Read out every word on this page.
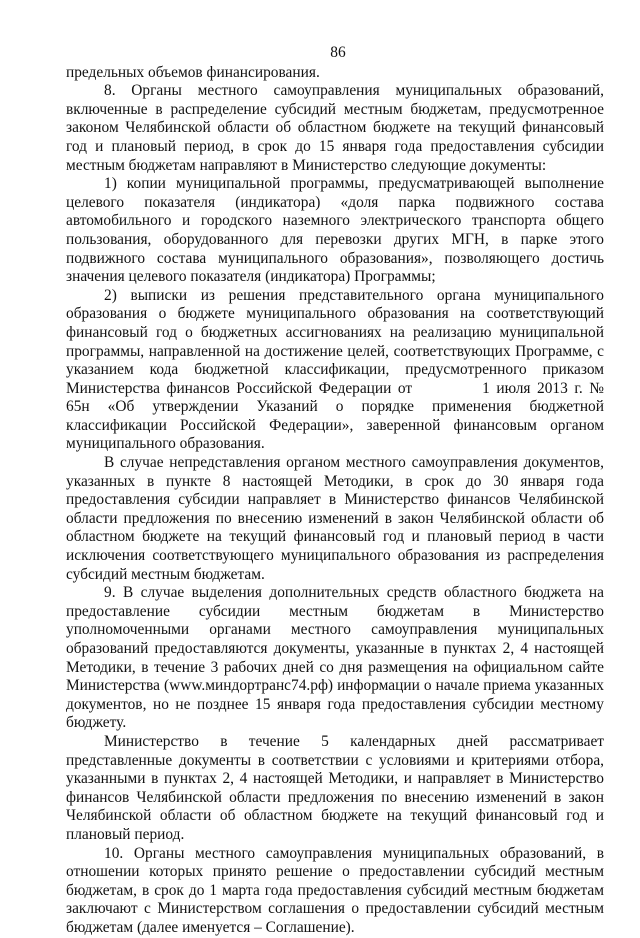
86

предельных объемов финансирования.

8. Органы местного самоуправления муниципальных образований, включенные в распределение субсидий местным бюджетам, предусмотренное законом Челябинской области об областном бюджете на текущий финансовый год и плановый период, в срок до 15 января года предоставления субсидии местным бюджетам направляют в Министерство следующие документы:

1) копии муниципальной программы, предусматривающей выполнение целевого показателя (индикатора) «доля парка подвижного состава автомобильного и городского наземного электрического транспорта общего пользования, оборудованного для перевозки других МГН, в парке этого подвижного состава муниципального образования», позволяющего достичь значения целевого показателя (индикатора) Программы;

2) выписки из решения представительного органа муниципального образования о бюджете муниципального образования на соответствующий финансовый год о бюджетных ассигнованиях на реализацию муниципальной программы, направленной на достижение целей, соответствующих Программе, с указанием кода бюджетной классификации, предусмотренного приказом Министерства финансов Российской Федерации от	1 июля 2013 г. № 65н «Об утверждении Указаний о порядке применения бюджетной классификации Российской Федерации», заверенной финансовым органом муниципального образования.

В случае непредставления органом местного самоуправления документов, указанных в пункте 8 настоящей Методики, в срок до 30 января года предоставления субсидии направляет в Министерство финансов Челябинской области предложения по внесению изменений в закон Челябинской области об областном бюджете на текущий финансовый год и плановый период в части исключения соответствующего муниципального образования из распределения субсидий местным бюджетам.

9. В случае выделения дополнительных средств областного бюджета на предоставление субсидии местным бюджетам в Министерство уполномоченными органами местного самоуправления муниципальных образований предоставляются документы, указанные в пунктах 2, 4 настоящей Методики, в течение 3 рабочих дней со дня размещения на официальном сайте Министерства (www.миндортранс74.рф) информации о начале приема указанных документов, но не позднее 15 января года предоставления субсидии местному бюджету.

Министерство в течение 5 календарных дней рассматривает представленные документы в соответствии с условиями и критериями отбора, указанными в пунктах 2, 4 настоящей Методики, и направляет в Министерство финансов Челябинской области предложения по внесению изменений в закон Челябинской области об областном бюджете на текущий финансовый год и плановый период.

10. Органы местного самоуправления муниципальных образований, в отношении которых принято решение о предоставлении субсидий местным бюджетам, в срок до 1 марта года предоставления субсидий местным бюджетам заключают с Министерством соглашения о предоставлении субсидий местным бюджетам (далее именуется – Соглашение).
